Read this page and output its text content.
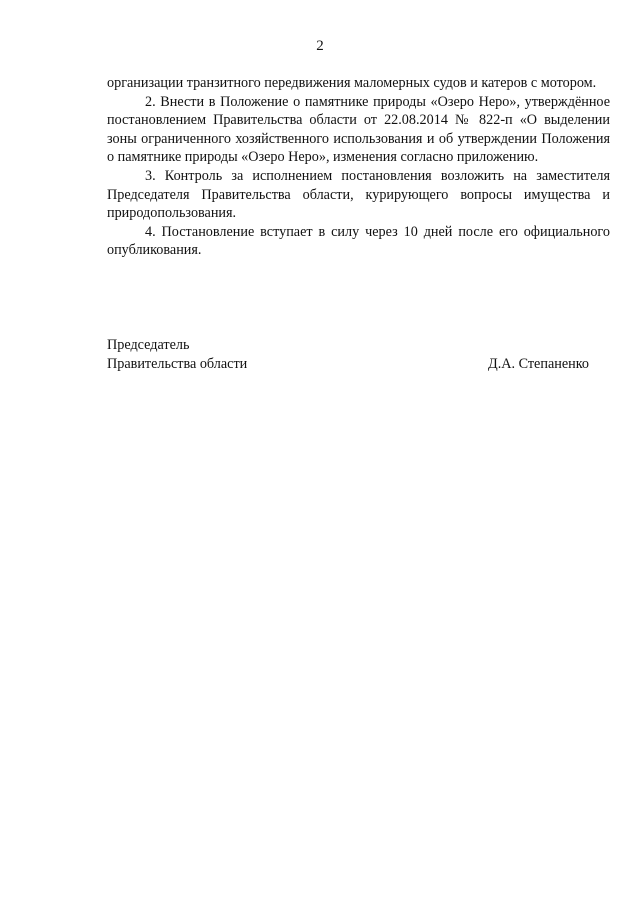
2

организации транзитного передвижения маломерных судов и катеров с мотором.

2. Внести в Положение о памятнике природы «Озеро Неро», утверждённое постановлением Правительства области от 22.08.2014 № 822-п «О выделении зоны ограниченного хозяйственного использования и об утверждении Положения о памятнике природы «Озеро Неро», изменения согласно приложению.

3. Контроль за исполнением постановления возложить на заместителя Председателя Правительства области, курирующего вопросы имущества и природопользования.

4. Постановление вступает в силу через 10 дней после его официального опубликования.

Председатель
Правительства области	Д.А. Степаненко
